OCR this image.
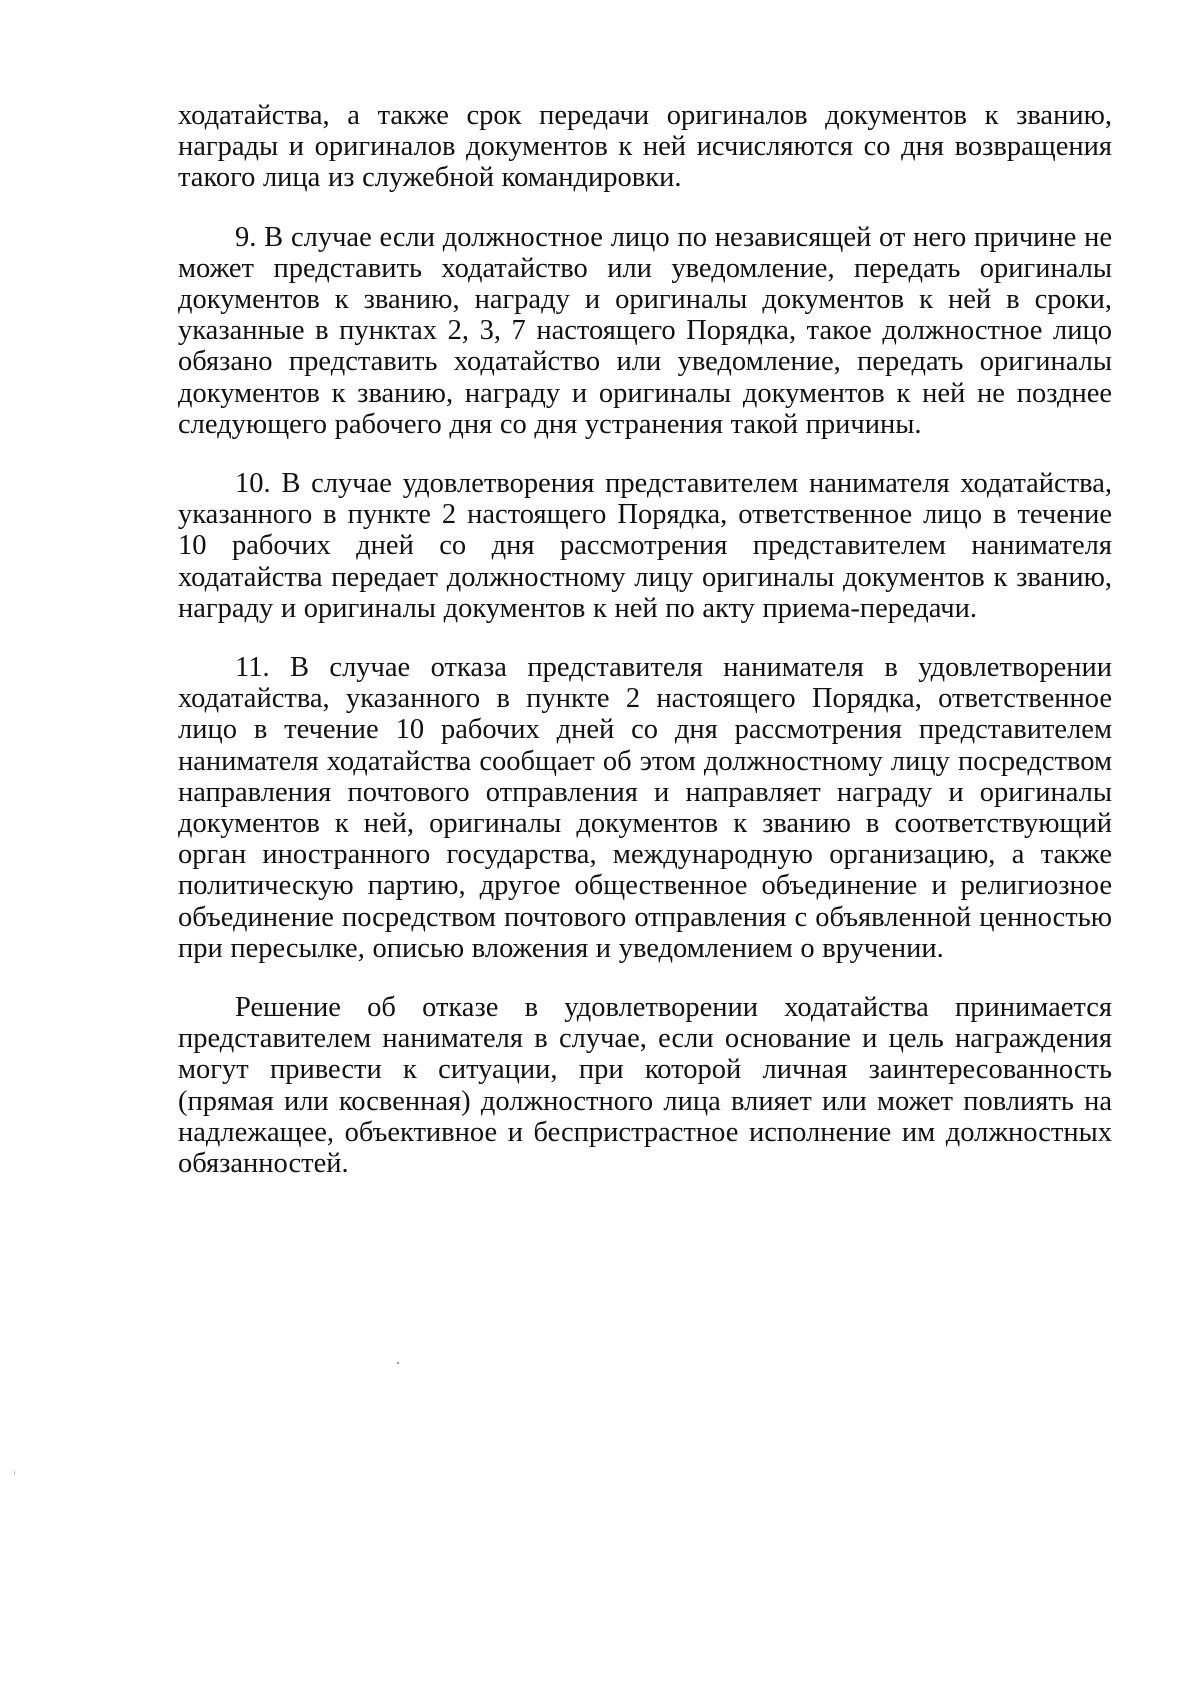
ходатайства, а также срок передачи оригиналов документов к званию, награды и оригиналов документов к ней исчисляются со дня возвращения такого лица из служебной командировки.

9. В случае если должностное лицо по независящей от него причине не может представить ходатайство или уведомление, передать оригиналы документов к званию, награду и оригиналы документов к ней в сроки, указанные в пунктах 2, 3, 7 настоящего Порядка, такое должностное лицо обязано представить ходатайство или уведомление, передать оригиналы документов к званию, награду и оригиналы документов к ней не позднее следующего рабочего дня со дня устранения такой причины.

10. В случае удовлетворения представителем нанимателя ходатайства, указанного в пункте 2 настоящего Порядка, ответственное лицо в течение 10 рабочих дней со дня рассмотрения представителем нанимателя ходатайства передает должностному лицу оригиналы документов к званию, награду и оригиналы документов к ней по акту приема-передачи.

11. В случае отказа представителя нанимателя в удовлетворении ходатайства, указанного в пункте 2 настоящего Порядка, ответственное лицо в течение 10 рабочих дней со дня рассмотрения представителем нанимателя ходатайства сообщает об этом должностному лицу посредством направления почтового отправления и направляет награду и оригиналы документов к ней, оригиналы документов к званию в соответствующий орган иностранного государства, международную организацию, а также политическую партию, другое общественное объединение и религиозное объединение посредством почтового отправления с объявленной ценностью при пересылке, описью вложения и уведомлением о вручении.

Решение об отказе в удовлетворении ходатайства принимается представителем нанимателя в случае, если основание и цель награждения могут привести к ситуации, при которой личная заинтересованность (прямая или косвенная) должностного лица влияет или может повлиять на надлежащее, объективное и беспристрастное исполнение им должностных обязанностей.
